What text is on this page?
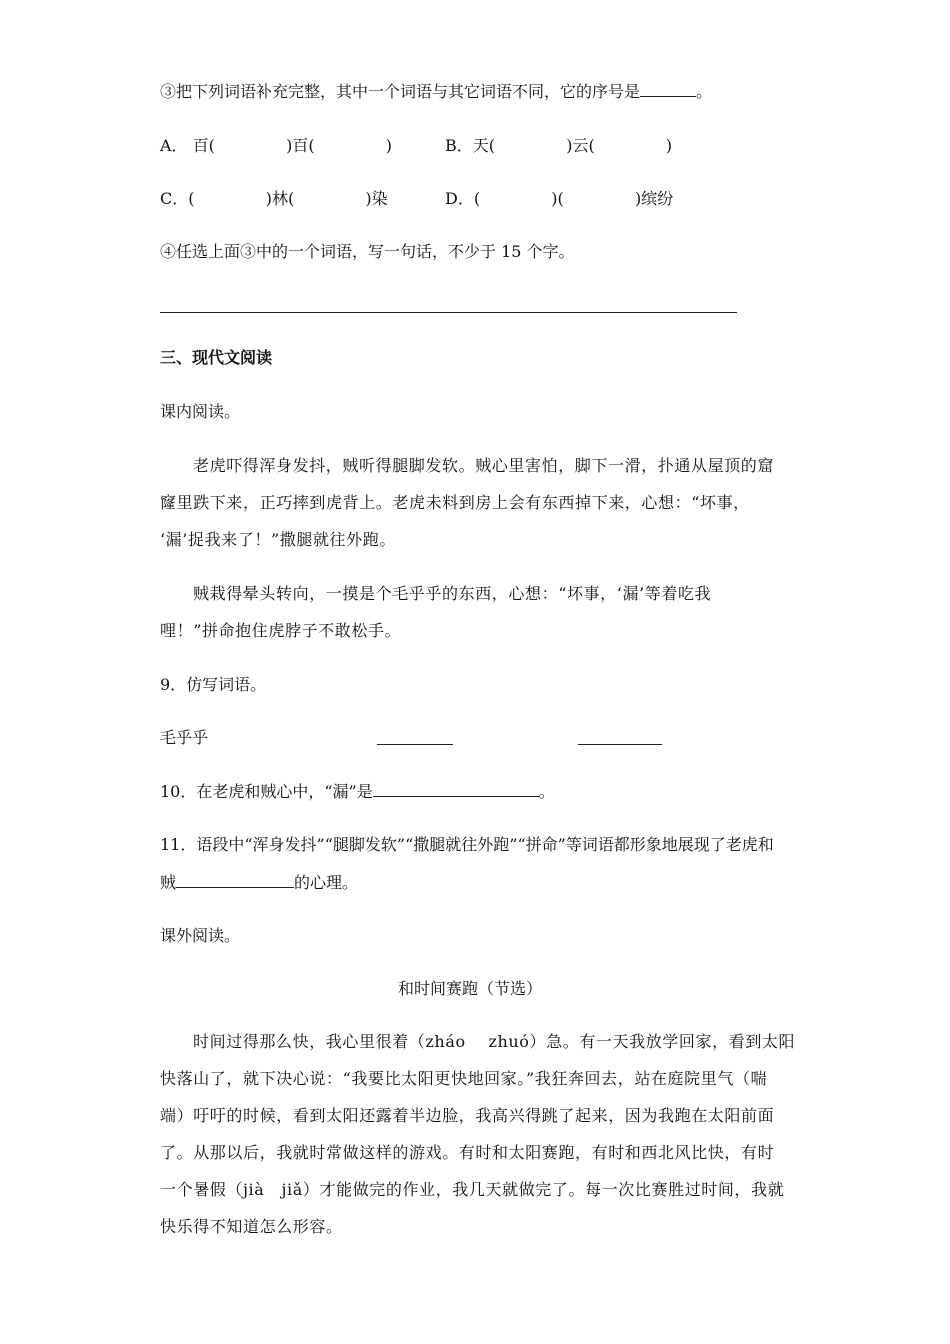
③把下列词语补充完整，其中一个词语与其它词语不同，它的序号是	。
A． 百(              )百(              )	B．天(              )云(              )
C．(              )林(              )染	D．(              )(              )缤纷
④任选上面③中的一个词语，写一句话，不少于 15 个字。
三、现代文阅读
课内阅读。
老虎吓得浑身发抖，贼听得腿脚发软。贼心里害怕，脚下一滑，扑通从屋顶的窟
窿里跌下来，正巧摔到虎背上。老虎未料到房上会有东西掉下来，心想：“坏事，
‘漏’捉我来了！”撒腿就往外跑。
贼栽得晕头转向，一摸是个毛乎乎的东西，心想：“坏事，‘漏’等着吃我
哩！”拼命抱住虎脖子不敢松手。
9．仿写词语。
毛乎乎
10．在老虎和贼心中，“漏”是	。
11．语段中“浑身发抖”“腿脚发软”“撒腿就往外跑”“拼命”等词语都形象地展现了老虎和
贼	的心理。
课外阅读。
和时间赛跑（节选）
时间过得那么快，我心里很着（zháo    zhuó）急。有一天我放学回家，看到太阳
快落山了，就下决心说：“我要比太阳更快地回家。”我狂奔回去，站在庭院里气（喘
端）吁吁的时候，看到太阳还露着半边脸，我高兴得跳了起来，因为我跑在太阳前面
了。从那以后，我就时常做这样的游戏。有时和太阳赛跑，有时和西北风比快，有时
一个暑假（jià   jiǎ）才能做完的作业，我几天就做完了。每一次比赛胜过时间，我就
快乐得不知道怎么形容。
